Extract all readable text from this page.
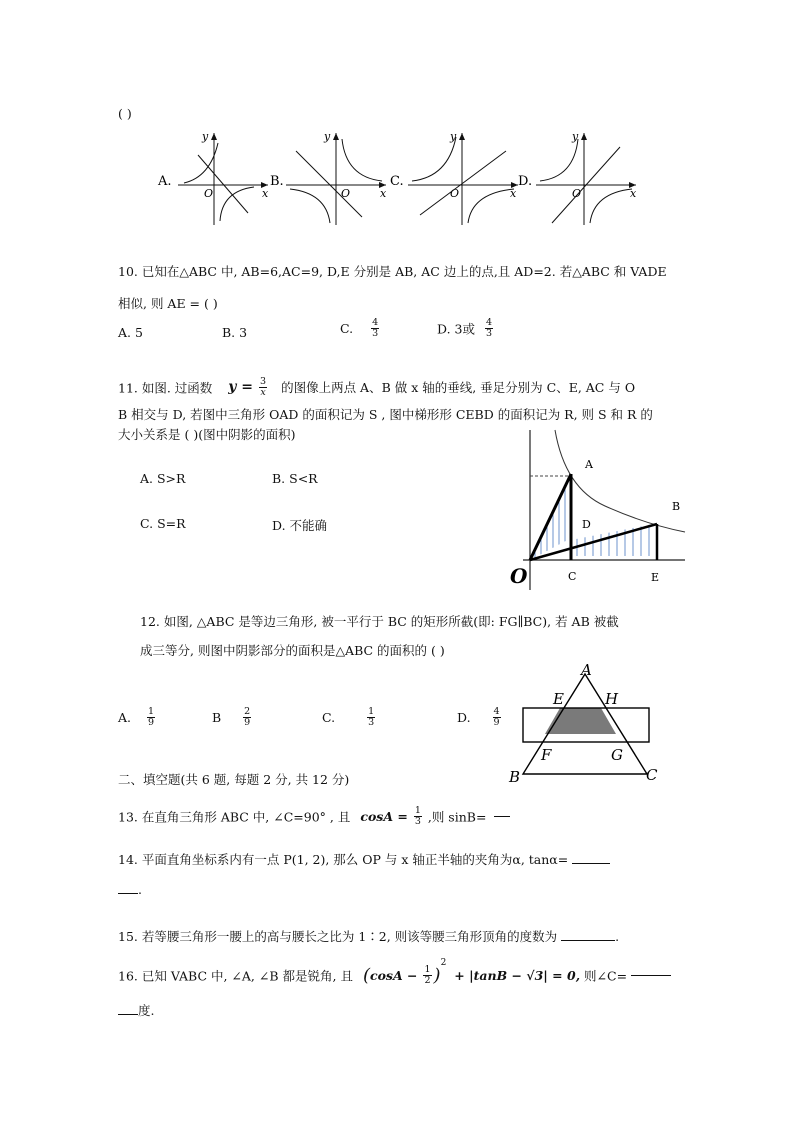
( )
A.
y
x
O
B.
y
x
O
C.
y
x
O
D.
y
x
O
10. 已知在△ABC 中, AB=6,AC=9, D,E 分别是 AB, AC 边上的点,且 AD=2. 若△ABC 和 VADE
相似, 则 AE = ( )
A. 5	B. 3	C. $\frac{4}{3}$	D. 3或 $\frac{4}{3}$
11. 如图. 过函数 $y = \frac{3}{x}$ 的图像上两点 A、B 做 x 轴的垂线, 垂足分别为 C、E, AC 与 O
B 相交与 D, 若图中三角形 OAD 的面积记为 S , 图中梯形形 CEBD 的面积记为 R, 则 S 和 R 的
大小关系是 ( )(图中阴影的面积)
A. S>R	B. S<R
C. S=R	D. 不能确
A
B
D
C	E
O
12. 如图, △ABC 是等边三角形, 被一平行于 BC 的矩形所截(即: FG∥BC), 若 AB 被截
成三等分, 则图中阴影部分的面积是△ABC 的面积的 ( )
A. $\frac{1}{9}$	B $\frac{2}{9}$	C.	$\frac{1}{3}$	D. $\frac{4}{9}$
A
E	H
F	G
B	C
二、填空题(共 6 题, 每题 2 分, 共 12 分)
13. 在直角三角形 ABC 中, ∠C=90° , 且 $\cos A = \frac{1}{3}$ ,则 sinB=
14. 平面直角坐标系内有一点 P(1, 2), 那么 OP 与 x 轴正半轴的夹角为α, tanα=
.
15. 若等腰三角形一腰上的高与腰长之比为 1∶2, 则该等腰三角形顶角的度数为	.
16. 已知 VABC 中, ∠A, ∠B 都是锐角, 且 $(\cos A - \frac{1}{2} )^2 + |\tan B - √3| = 0$, 则∠C=
度.
